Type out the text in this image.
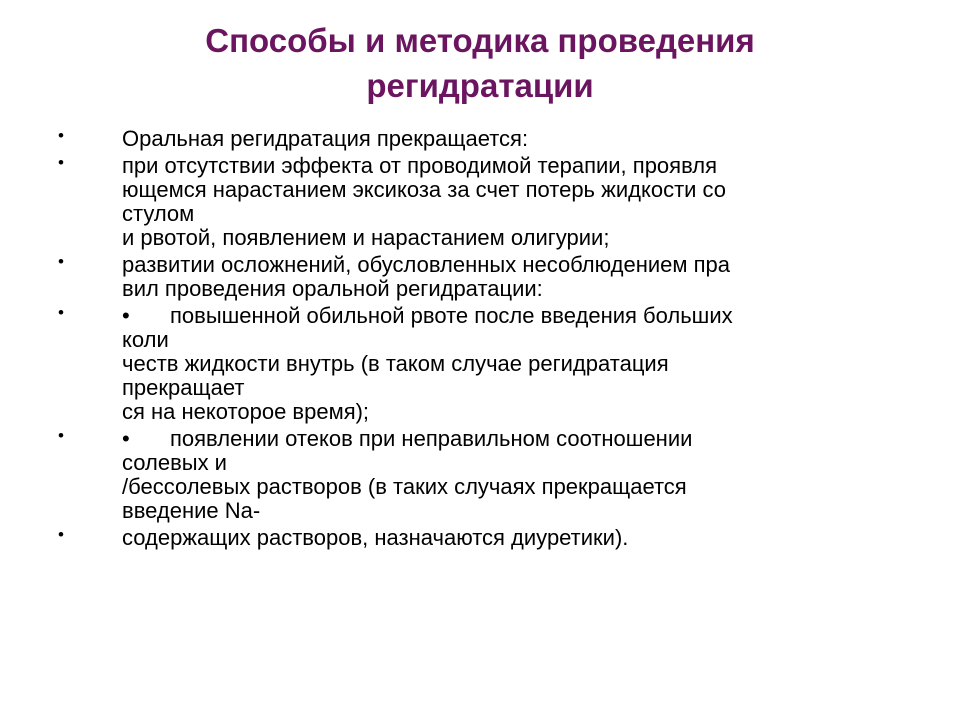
Способы и методика проведения
регидратации
•	Оральная регидратация прекращается:
•	при отсутствии эффекта от проводимой терапии, проявля
ющемся нарастанием эксикоза за счет потерь жидкости со
стулом
и рвотой, появлением и нарастанием олигурии;
•	развитии осложнений, обусловленных несоблюдением пра
вил проведения оральной регидратации:
•	• повышенной обильной рвоте после введения больших
коли
честв жидкости внутрь (в таком случае регидратация
прекращает
ся на некоторое время);
•	• появлении отеков при неправильном соотношении
солевых и
/бессолевых растворов (в таких случаях прекращается
введение Na-
•	содержащих растворов, назначаются диуретики).
